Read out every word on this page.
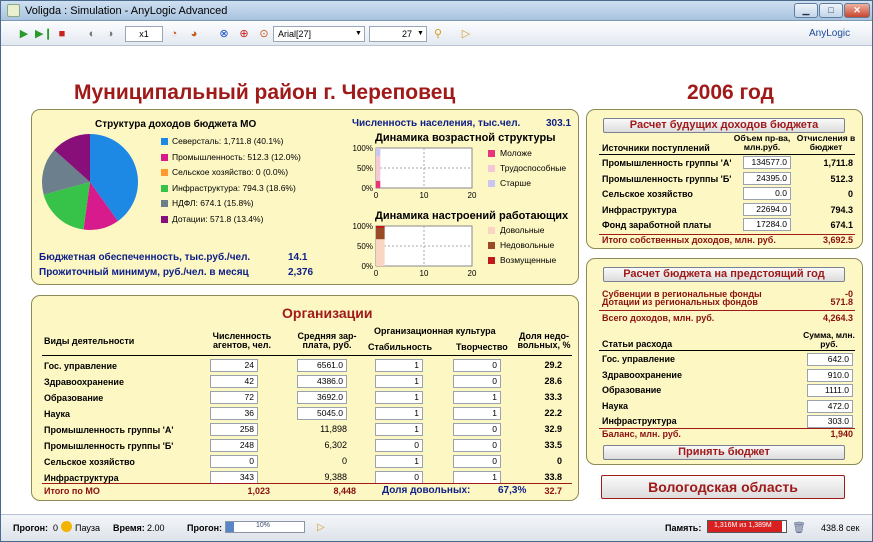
Voligda : Simulation - AnyLogic Advanced	▁	□	✕
▶ ▶❙ ■	◐	◑	x1	◔	◕	⊗ ⊕ ⊙	Arial[27]	▼	27 ▼ ⚲ ▷	AnyLogic
Муниципальный район г. Череповец	2006 год
Структура доходов бюджета МО
Северсталь: 1,711.8 (40.1%)
Промышленность: 512.3 (12.0%)
Сельское хозяйство: 0 (0.0%)
Инфраструктура: 794.3 (18.6%)
НДФЛ: 674.1 (15.8%)
Дотации: 571.8 (13.4%)
Численность населения, тыс.чел.	303.1
Динамика возрастной структуры
100%
50%
0%
0	10	20
Моложе
Трудоспособные
Старше
Динамика настроений работающих
100%
50%
0%
0	10	20
Довольные
Недовольные
Возмущенные
Бюджетная обеспеченность, тыс.руб./чел.	14.1
Прожиточный минимум, руб./чел. в месяц	2,376
Организации
Виды деятельности	Численность агентов, чел.
Средняя зар-плата, руб.
Организационная культура
Стабильность	Творчество
Доля недо-вольных, %
Гос. управление	24	6561.0	1	0	29.2
Здравоохранение	42	4386.0	1	0	28.6
Образование	72	3692.0	1	1	33.3
Наука	36	5045.0	1	1	22.2
Промышленность группы 'А'	258	11,898	1	0	32.9
Промышленность группы 'Б'	248	6,302	0	0	33.5
Сельское хозяйство	0	0	1	0	0
Инфраструктура	343	9,388	0	1	33.8
Итого по МО	1,023	8,448	Доля довольных:	67,3%	32.7
Расчет будущих доходов бюджета
Источники поступлений
Объем пр-ва, млн.руб.
Отчисления в бюджет
Промышленность группы 'А'	134577.0	1,711.8
Промышленность группы 'Б'	24395.0	512.3
Сельское хозяйство	0.0	0
Инфраструктура	22694.0	794.3
Фонд заработной платы	17284.0	674.1
Итого собственных доходов, млн. руб.	3,692.5
Расчет бюджета на предстоящий год
Субвенции в региональные фонды	-0
Дотации из региональных фондов	571.8
Всего доходов, млн. руб.	4,264.3
Статьи расхода
Сумма, млн. руб.
Гос. управление	642.0
Здравоохранение	910.0
Образование	1111.0
Наука	472.0
Инфраструктура	303.0
Баланс, млн. руб.	1,940
Принять бюджет
Вологодская область
Прогон: 0 Пауза Время: 2.00 Прогон:	10%	▷	Память: 1,316M из 1,389M 🗑 438.8 сек
